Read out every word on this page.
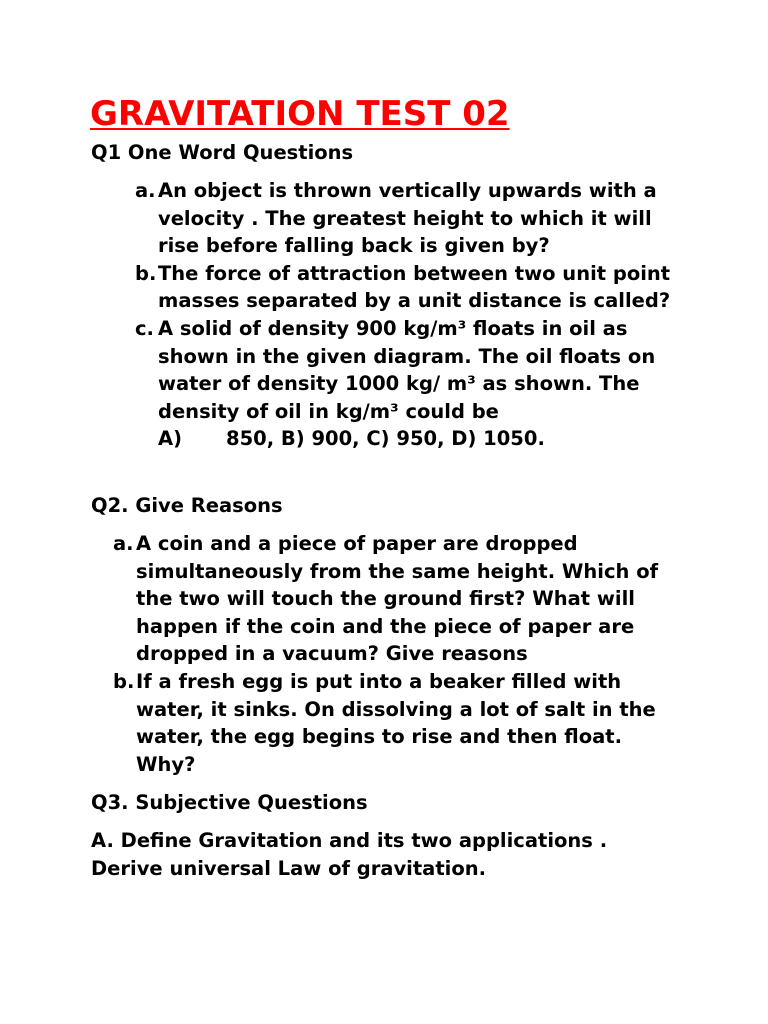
GRAVITATION TEST 02

Q1 One Word Questions

a. An object is thrown vertically upwards with a velocity . The greatest height to which it will rise before falling back is given by?
b. The force of attraction between two unit point masses separated by a unit distance is called?
c. A solid of density 900 kg/m³ floats in oil as shown in the given diagram. The oil floats on water of density 1000 kg/ m³ as shown. The density of oil in kg/m³ could be
A) 850, B) 900, C) 950, D) 1050.

Q2. Give Reasons

a. A coin and a piece of paper are dropped simultaneously from the same height. Which of the two will touch the ground first? What will happen if the coin and the piece of paper are dropped in a vacuum? Give reasons
b. If a fresh egg is put into a beaker filled with water, it sinks. On dissolving a lot of salt in the water, the egg begins to rise and then float. Why?

Q3. Subjective Questions

A. Define Gravitation and its two applications . Derive universal Law of gravitation.
